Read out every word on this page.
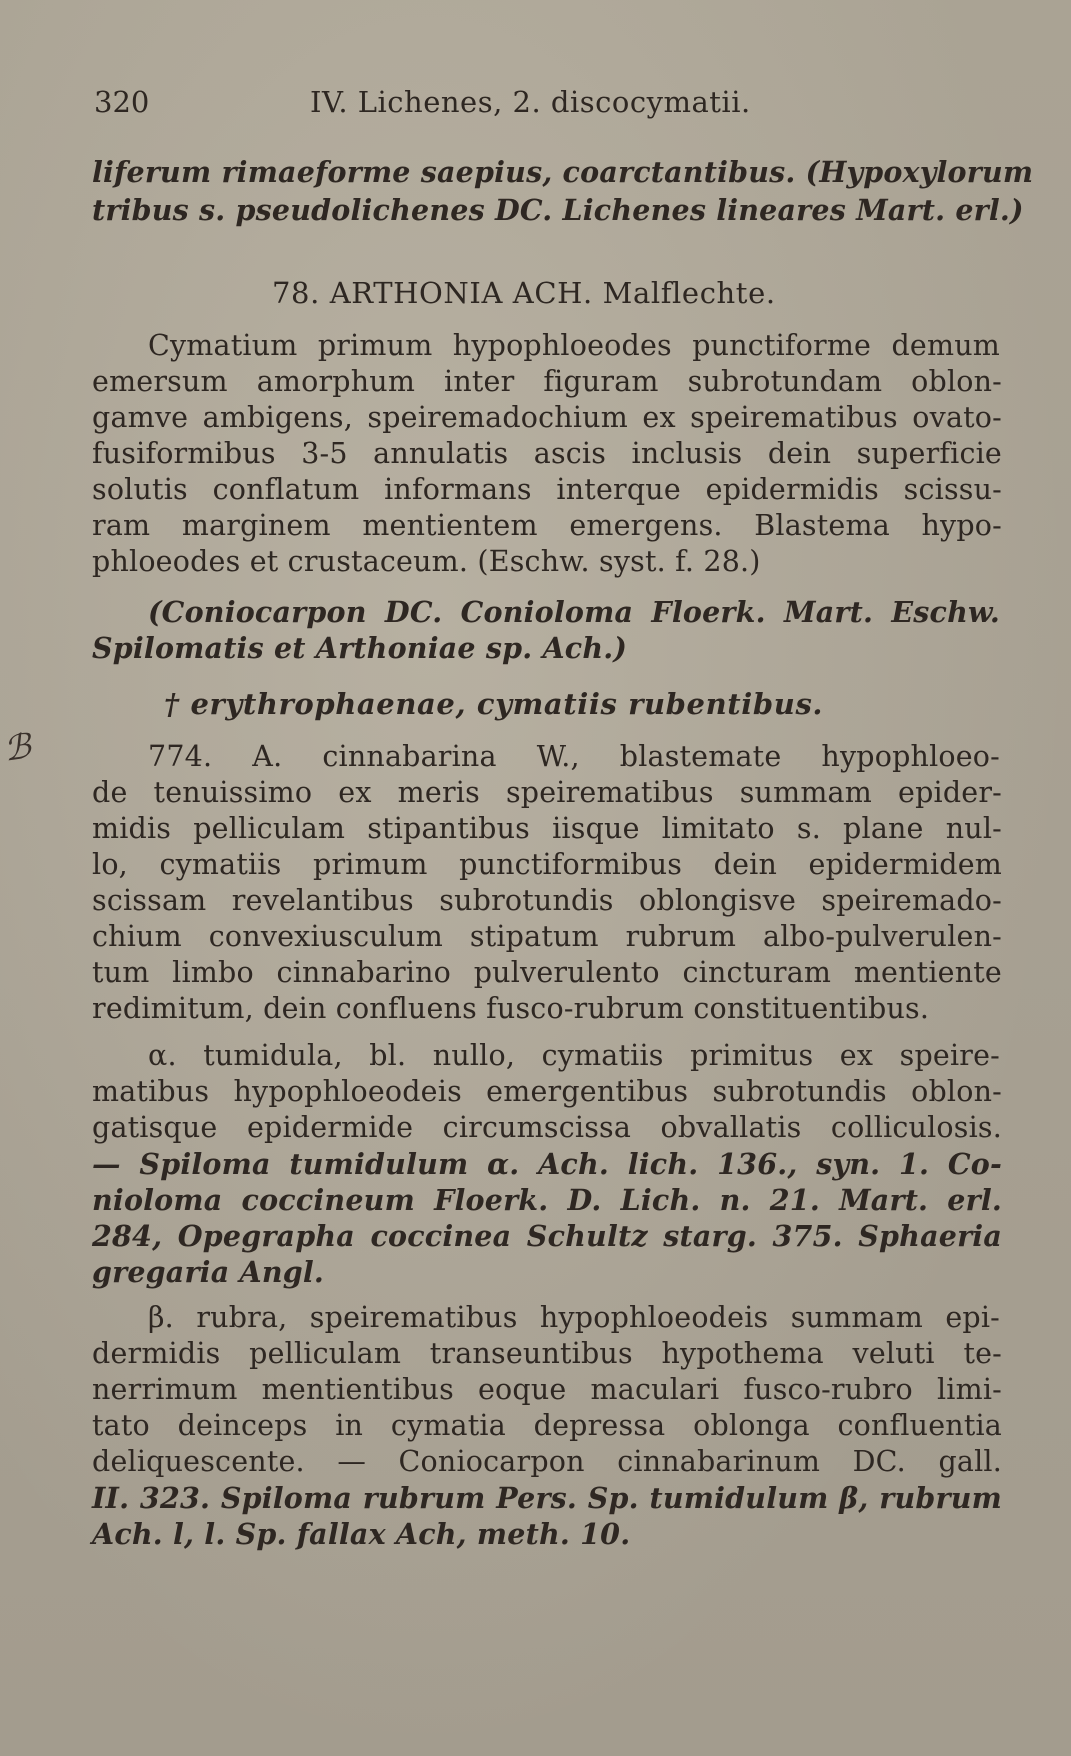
320	IV. Lichenes, 2. discocymatii.
liferum rimaeforme saepius, coarctantibus. (Hypoxylorum
tribus s. pseudolichenes DC. Lichenes lineares Mart. erl.)
78. ARTHONIA ACH. Malflechte.
Cymatium primum hypophloeodes punctiforme demum
emersum amorphum inter figuram subrotundam oblon-
gamve ambigens, speiremadochium ex speirematibus ovato-
fusiformibus 3-5 annulatis ascis inclusis dein superficie
solutis conflatum informans interque epidermidis scissu-
ram marginem mentientem emergens. Blastema hypo-
phloeodes et crustaceum. (Eschw. syst. f. 28.)
(Coniocarpon DC. Conioloma Floerk. Mart. Eschw.
Spilomatis et Arthoniae sp. Ach.)
† erythrophaenae, cymatiis rubentibus.
ℬ	774. A. cinnabarina W., blastemate hypophloeo-
de tenuissimo ex meris speirematibus summam epider-
midis pelliculam stipantibus iisque limitato s. plane nul-
lo, cymatiis primum punctiformibus dein epidermidem
scissam revelantibus subrotundis oblongisve speiremado-
chium convexiusculum stipatum rubrum albo-pulverulen-
tum limbo cinnabarino pulverulento cincturam mentiente
redimitum, dein confluens fusco-rubrum constituentibus.
α. tumidula, bl. nullo, cymatiis primitus ex speire-
matibus hypophloeodeis emergentibus subrotundis oblon-
gatisque epidermide circumscissa obvallatis colliculosis.
— Spiloma tumidulum α. Ach. lich. 136., syn. 1. Co-
nioloma coccineum Floerk. D. Lich. n. 21. Mart. erl.
284, Opegrapha coccinea Schultz starg. 375. Sphaeria
gregaria Angl.
β. rubra, speirematibus hypophloeodeis summam epi-
dermidis pelliculam transeuntibus hypothema veluti te-
nerrimum mentientibus eoque maculari fusco-rubro limi-
tato deinceps in cymatia depressa oblonga confluentia
deliquescente. — Coniocarpon cinnabarinum DC. gall.
II. 323. Spiloma rubrum Pers. Sp. tumidulum β, rubrum
Ach. l, l. Sp. fallax Ach, meth. 10.
